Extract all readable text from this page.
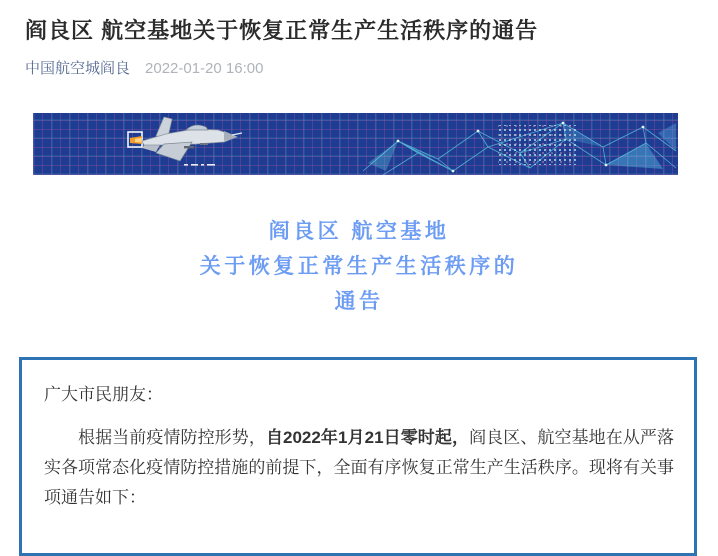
阎良区 航空基地关于恢复正常生产生活秩序的通告
中国航空城阎良 2022-01-20 16:00
阎良区 航空基地
关于恢复正常生产生活秩序的
通告

广大市民朋友：

根据当前疫情防控形势，自2022年1月21日零时起，阎良区、航空基地在从严落实各项常态化疫情防控措施的前提下，全面有序恢复正常生产生活秩序。现将有关事项通告如下：
